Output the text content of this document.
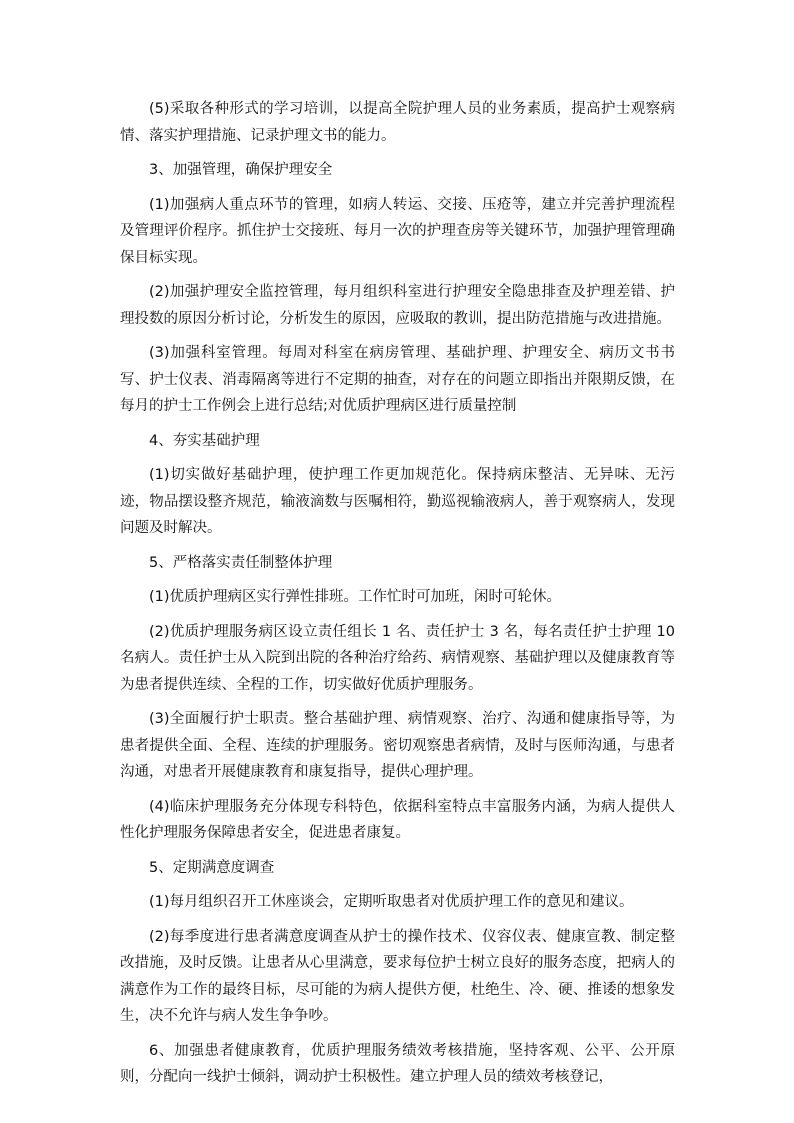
(5)采取各种形式的学习培训，以提高全院护理人员的业务素质，提高护士观察病情、落实护理措施、记录护理文书的能力。

3、加强管理，确保护理安全

(1)加强病人重点环节的管理，如病人转运、交接、压疮等，建立并完善护理流程及管理评价程序。抓住护士交接班、每月一次的护理查房等关键环节，加强护理管理确保目标实现。

(2)加强护理安全监控管理，每月组织科室进行护理安全隐患排查及护理差错、护理投数的原因分析讨论，分析发生的原因，应吸取的教训，提出防范措施与改进措施。

(3)加强科室管理。每周对科室在病房管理、基础护理、护理安全、病历文书书写、护士仪表、消毒隔离等进行不定期的抽查，对存在的问题立即指出并限期反馈，在每月的护士工作例会上进行总结;对优质护理病区进行质量控制

4、夯实基础护理

(1)切实做好基础护理，使护理工作更加规范化。保持病床整洁、无异味、无污迹，物品摆设整齐规范，输液滴数与医嘱相符，勤巡视输液病人，善于观察病人，发现问题及时解决。

5、严格落实责任制整体护理

(1)优质护理病区实行弹性排班。工作忙时可加班，闲时可轮休。

(2)优质护理服务病区设立责任组长 1 名、责任护士 3 名，每名责任护士护理 10 名病人。责任护士从入院到出院的各种治疗给药、病情观察、基础护理以及健康教育等为患者提供连续、全程的工作，切实做好优质护理服务。

(3)全面履行护士职责。整合基础护理、病情观察、治疗、沟通和健康指导等，为患者提供全面、全程、连续的护理服务。密切观察患者病情，及时与医师沟通，与患者沟通，对患者开展健康教育和康复指导，提供心理护理。

(4)临床护理服务充分体现专科特色，依据科室特点丰富服务内涵，为病人提供人性化护理服务保障患者安全，促进患者康复。

5、定期满意度调查

(1)每月组织召开工休座谈会，定期听取患者对优质护理工作的意见和建议。

(2)每季度进行患者满意度调查从护士的操作技术、仪容仪表、健康宣教、制定整改措施，及时反馈。让患者从心里满意，要求每位护士树立良好的服务态度，把病人的满意作为工作的最终目标，尽可能的为病人提供方便，杜绝生、冷、硬、推诿的想象发生，决不允许与病人发生争争吵。

6、加强患者健康教育，优质护理服务绩效考核措施，坚持客观、公平、公开原则，分配向一线护士倾斜，调动护士积极性。建立护理人员的绩效考核登记，
